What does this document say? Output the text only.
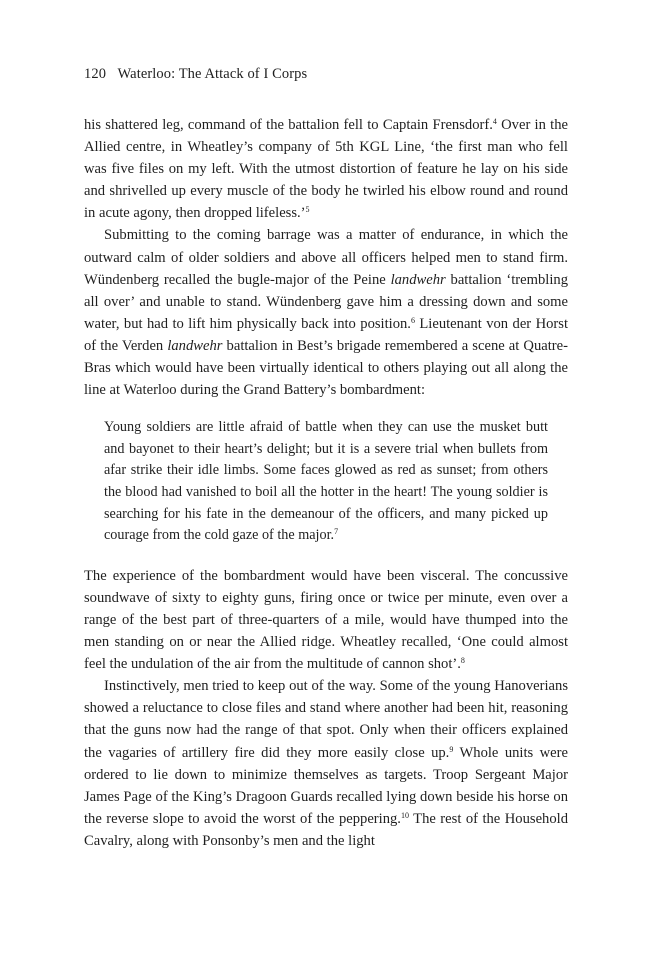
120 Waterloo: The Attack of I Corps

his shattered leg, command of the battalion fell to Captain Frensdorf.$^4$ Over in the Allied centre, in Wheatley’s company of 5th KGL Line, ‘the first man who fell was five files on my left. With the utmost distortion of feature he lay on his side and shrivelled up every muscle of the body he twirled his elbow round and round in acute agony, then dropped lifeless.’$^5$

Submitting to the coming barrage was a matter of endurance, in which the outward calm of older soldiers and above all officers helped men to stand firm. Wündenberg recalled the bugle-major of the Peine landwehr battalion ‘trembling all over’ and unable to stand. Wündenberg gave him a dressing down and some water, but had to lift him physically back into position.$^6$ Lieutenant von der Horst of the Verden landwehr battalion in Best’s brigade remembered a scene at Quatre-Bras which would have been virtually identical to others playing out all along the line at Waterloo during the Grand Battery’s bombardment:

Young soldiers are little afraid of battle when they can use the musket butt and bayonet to their heart’s delight; but it is a severe trial when bullets from afar strike their idle limbs. Some faces glowed as red as sunset; from others the blood had vanished to boil all the hotter in the heart! The young soldier is searching for his fate in the demeanour of the officers, and many picked up courage from the cold gaze of the major.$^7$

The experience of the bombardment would have been visceral. The concussive soundwave of sixty to eighty guns, firing once or twice per minute, even over a range of the best part of three-quarters of a mile, would have thumped into the men standing on or near the Allied ridge. Wheatley recalled, ‘One could almost feel the undulation of the air from the multitude of cannon shot’.$^8$

Instinctively, men tried to keep out of the way. Some of the young Hanoverians showed a reluctance to close files and stand where another had been hit, reasoning that the guns now had the range of that spot. Only when their officers explained the vagaries of artillery fire did they more easily close up.$^9$ Whole units were ordered to lie down to minimize themselves as targets. Troop Sergeant Major James Page of the King’s Dragoon Guards recalled lying down beside his horse on the reverse slope to avoid the worst of the peppering.$^{10}$ The rest of the Household Cavalry, along with Ponsonby’s men and the light
